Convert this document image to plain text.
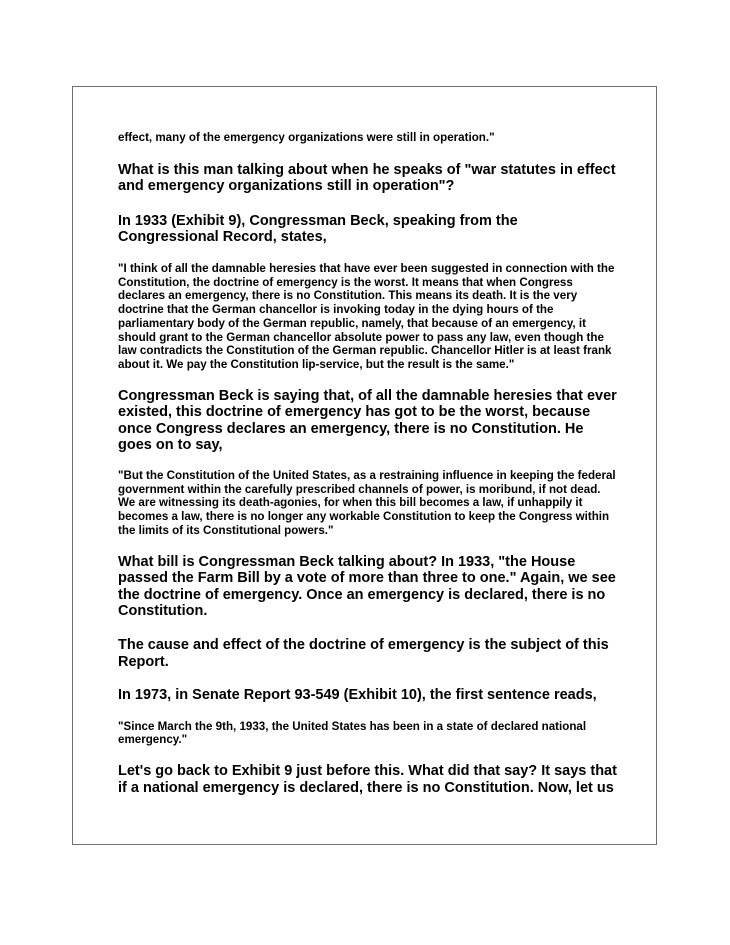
effect, many of the emergency organizations were still in operation."

What is this man talking about when he speaks of "war statutes in effect and emergency organizations still in operation"?

In 1933 (Exhibit 9), Congressman Beck, speaking from the Congressional Record, states,

"I think of all the damnable heresies that have ever been suggested in connection with the Constitution, the doctrine of emergency is the worst. It means that when Congress declares an emergency, there is no Constitution. This means its death. It is the very doctrine that the German chancellor is invoking today in the dying hours of the parliamentary body of the German republic, namely, that because of an emergency, it should grant to the German chancellor absolute power to pass any law, even though the law contradicts the Constitution of the German republic. Chancellor Hitler is at least frank about it. We pay the Constitution lip-service, but the result is the same."

Congressman Beck is saying that, of all the damnable heresies that ever existed, this doctrine of emergency has got to be the worst, because once Congress declares an emergency, there is no Constitution. He goes on to say,

"But the Constitution of the United States, as a restraining influence in keeping the federal government within the carefully prescribed channels of power, is moribund, if not dead. We are witnessing its death-agonies, for when this bill becomes a law, if unhappily it becomes a law, there is no longer any workable Constitution to keep the Congress within the limits of its Constitutional powers."

What bill is Congressman Beck talking about? In 1933, "the House passed the Farm Bill by a vote of more than three to one." Again, we see the doctrine of emergency. Once an emergency is declared, there is no Constitution.

The cause and effect of the doctrine of emergency is the subject of this Report.

In 1973, in Senate Report 93-549 (Exhibit 10), the first sentence reads,

"Since March the 9th, 1933, the United States has been in a state of declared national emergency."

Let's go back to Exhibit 9 just before this. What did that say? It says that if a national emergency is declared, there is no Constitution. Now, let us
